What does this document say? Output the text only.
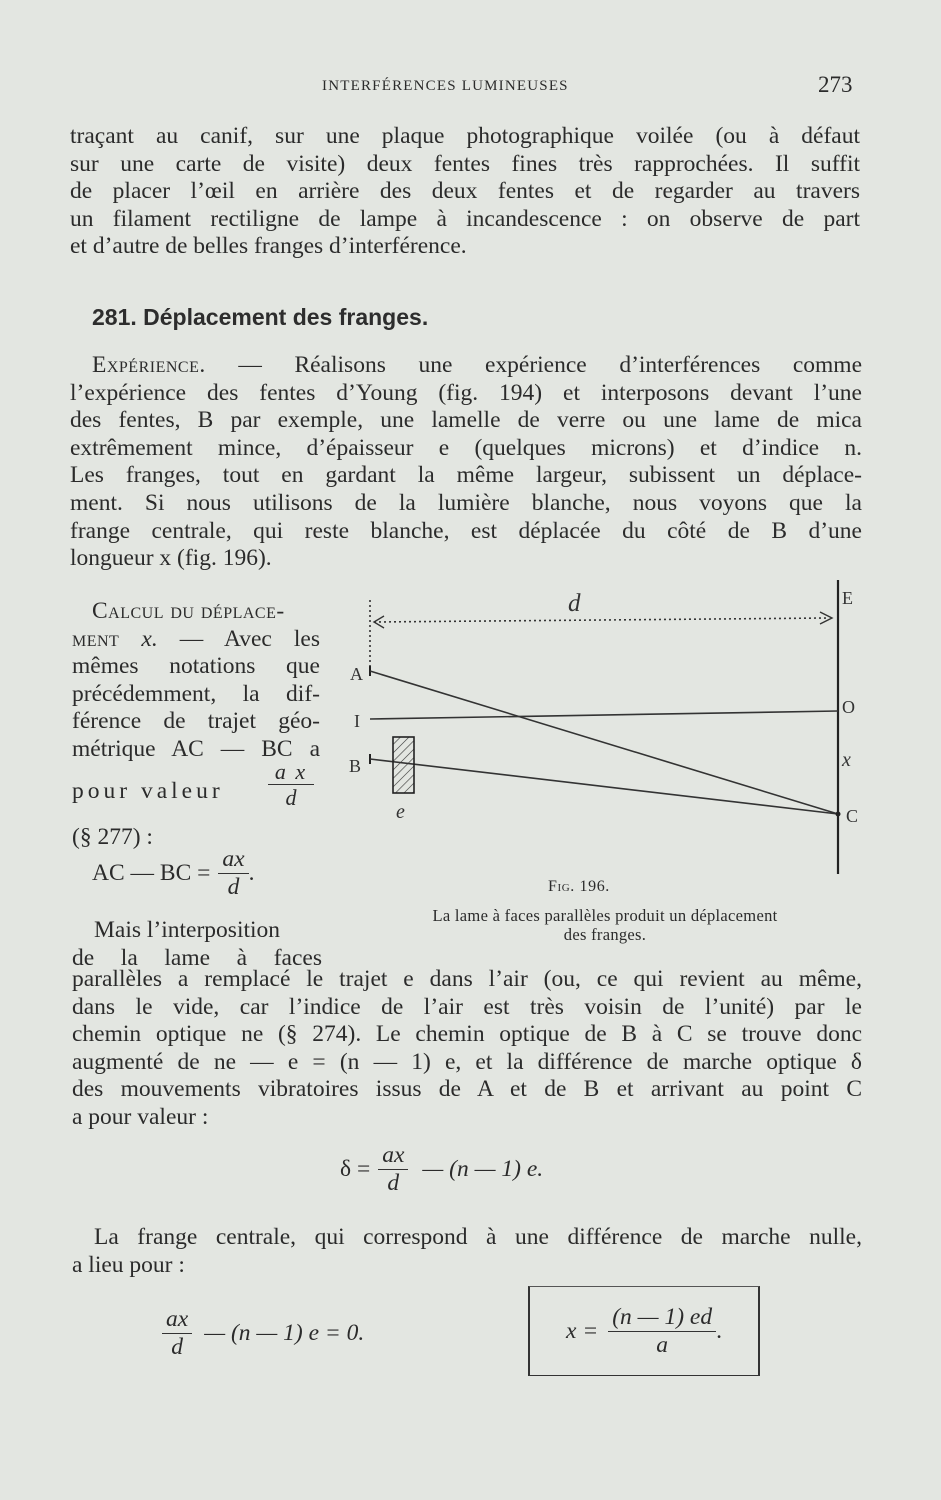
INTERFÉRENCES LUMINEUSES	273
traçant au canif, sur une plaque photographique voilée (ou à défaut
sur une carte de visite) deux fentes fines très rapprochées. Il suffit
de placer l’œil en arrière des deux fentes et de regarder au travers
un filament rectiligne de lampe à incandescence : on observe de part
et d’autre de belles franges d’interférence.
281. Déplacement des franges.
Expérience. — Réalisons une expérience d’interférences comme
l’expérience des fentes d’Young (fig. 194) et interposons devant l’une
des fentes, B par exemple, une lamelle de verre ou une lame de mica
extrêmement mince, d’épaisseur e (quelques microns) et d’indice n.
Les franges, tout en gardant la même largeur, subissent un déplace-
ment. Si nous utilisons de la lumière blanche, nous voyons que la
frange centrale, qui reste blanche, est déplacée du côté de B d’une
longueur x (fig. 196).
Calcul du déplace-
ment x. — Avec les
mêmes notations que
précédemment, la dif-
férence de trajet géo-
métrique AC — BC a
pour valeur $\frac{\text{a x}}{d}$
(§ 277) :
AC — BC = $\frac{ax}{d}$ .
d	E
A
I
B
O
x
C
e
Fig. 196.
La lame à faces parallèles produit un déplacement
des franges.
Mais l’interposition
de la lame à faces
parallèles a remplacé le trajet e dans l’air (ou, ce qui revient au même,
dans le vide, car l’indice de l’air est très voisin de l’unité) par le
chemin optique ne (§ 274). Le chemin optique de B à C se trouve donc
augmenté de ne — e = (n — 1) e, et la différence de marche optique δ
des mouvements vibratoires issus de A et de B et arrivant au point C
a pour valeur :
$\delta = \frac{ax}{d}$ — (n — 1) e.
La frange centrale, qui correspond à une différence de marche nulle,
a lieu pour :
$\frac{ax}{d}$ — (n — 1) e = 0.	$x = \frac{(n — 1) ed}{a}$ .
